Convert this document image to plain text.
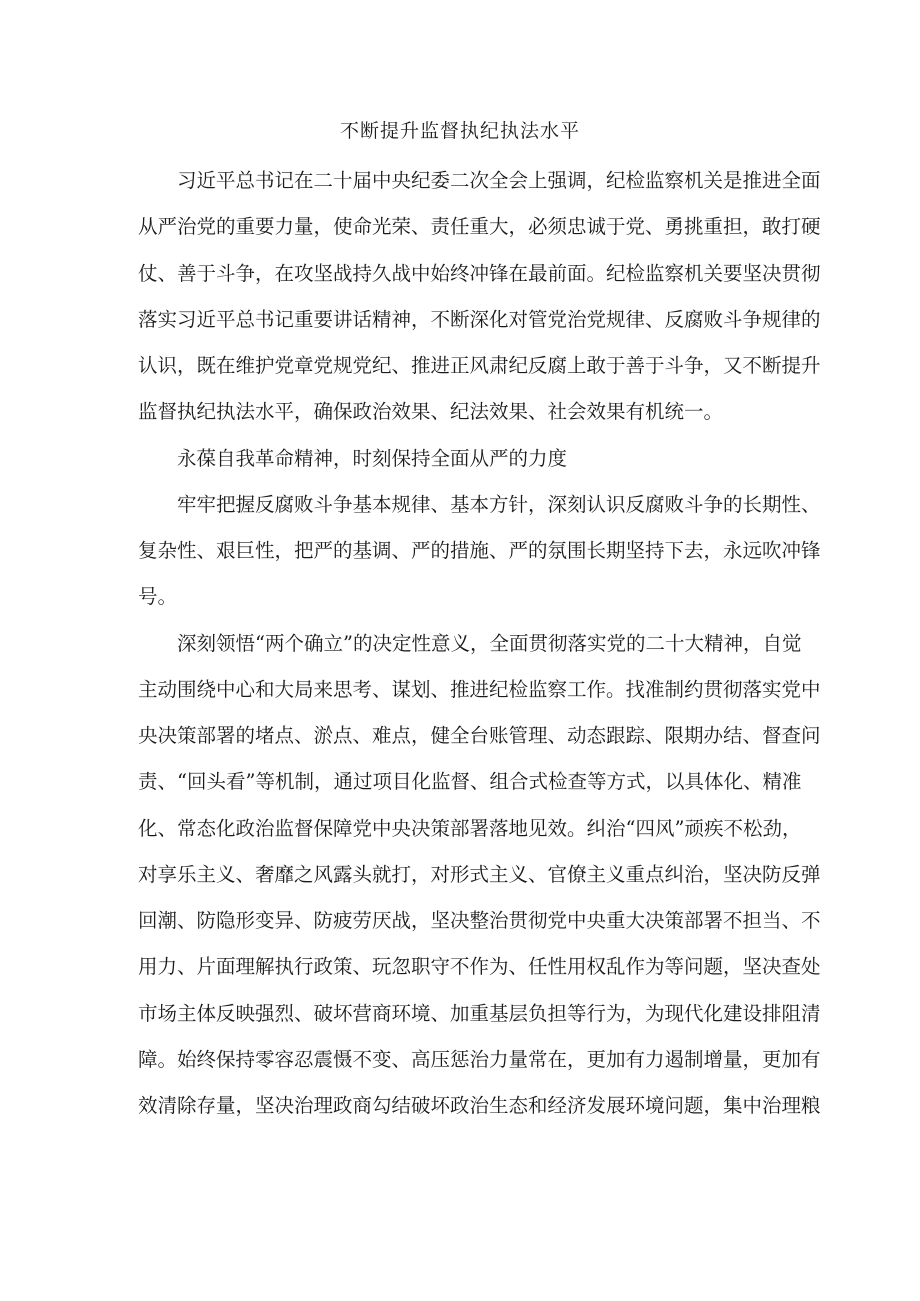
不断提升监督执纪执法水平
习近平总书记在二十届中央纪委二次全会上强调，纪检监察机关是推进全面
从严治党的重要力量，使命光荣、责任重大，必须忠诚于党、勇挑重担，敢打硬
仗、善于斗争，在攻坚战持久战中始终冲锋在最前面。纪检监察机关要坚决贯彻
落实习近平总书记重要讲话精神，不断深化对管党治党规律、反腐败斗争规律的
认识，既在维护党章党规党纪、推进正风肃纪反腐上敢于善于斗争，又不断提升
监督执纪执法水平，确保政治效果、纪法效果、社会效果有机统一。
永葆自我革命精神，时刻保持全面从严的力度
牢牢把握反腐败斗争基本规律、基本方针，深刻认识反腐败斗争的长期性、
复杂性、艰巨性，把严的基调、严的措施、严的氛围长期坚持下去，永远吹冲锋
号。
深刻领悟“两个确立”的决定性意义，全面贯彻落实党的二十大精神，自觉
主动围绕中心和大局来思考、谋划、推进纪检监察工作。找准制约贯彻落实党中
央决策部署的堵点、淤点、难点，健全台账管理、动态跟踪、限期办结、督查问
责、“回头看”等机制，通过项目化监督、组合式检查等方式，以具体化、精准
化、常态化政治监督保障党中央决策部署落地见效。纠治“四风”顽疾不松劲，
对享乐主义、奢靡之风露头就打，对形式主义、官僚主义重点纠治，坚决防反弹
回潮、防隐形变异、防疲劳厌战，坚决整治贯彻党中央重大决策部署不担当、不
用力、片面理解执行政策、玩忽职守不作为、任性用权乱作为等问题，坚决查处
市场主体反映强烈、破坏营商环境、加重基层负担等行为，为现代化建设排阻清
障。始终保持零容忍震慑不变、高压惩治力量常在，更加有力遏制增量，更加有
效清除存量，坚决治理政商勾结破坏政治生态和经济发展环境问题，集中治理粮
